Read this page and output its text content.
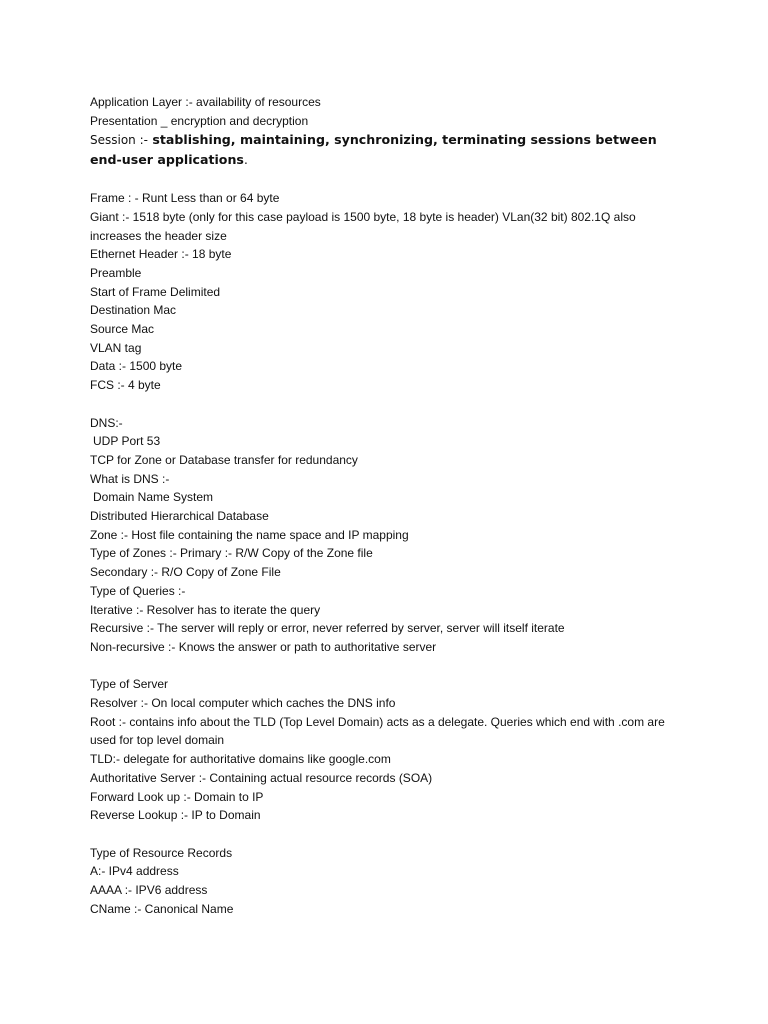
Application Layer :- availability of resources

Presentation _ encryption and decryption

Session :- stablishing, maintaining, synchronizing, terminating sessions between end-user applications.

Frame : - Runt Less than or 64 byte

Giant :- 1518 byte (only for this case payload is 1500 byte, 18 byte is header) VLan(32 bit) 802.1Q also increases the header size

Ethernet Header :- 18 byte

Preamble

Start of Frame Delimited

Destination Mac

Source Mac

VLAN tag

Data :- 1500 byte

FCS :- 4 byte

DNS:-

UDP Port 53

TCP for Zone or Database transfer for redundancy

What is DNS :-

Domain Name System

Distributed Hierarchical Database

Zone :- Host file containing the name space and IP mapping

Type of Zones :- Primary :- R/W Copy of the Zone file

Secondary :- R/O Copy of Zone File

Type of Queries :-

Iterative :- Resolver has to iterate the query

Recursive :- The server will reply or error, never referred by server, server will itself iterate

Non-recursive :- Knows the answer or path to authoritative server

Type of Server

Resolver :- On local computer which caches the DNS info

Root :- contains info about the TLD (Top Level Domain) acts as a delegate. Queries which end with .com are used for top level domain

TLD:- delegate for authoritative domains like google.com

Authoritative Server :- Containing actual resource records (SOA)

Forward Look up :- Domain to IP

Reverse Lookup :- IP to Domain

Type of Resource Records

A:- IPv4 address

AAAA :- IPV6 address

CName :- Canonical Name
